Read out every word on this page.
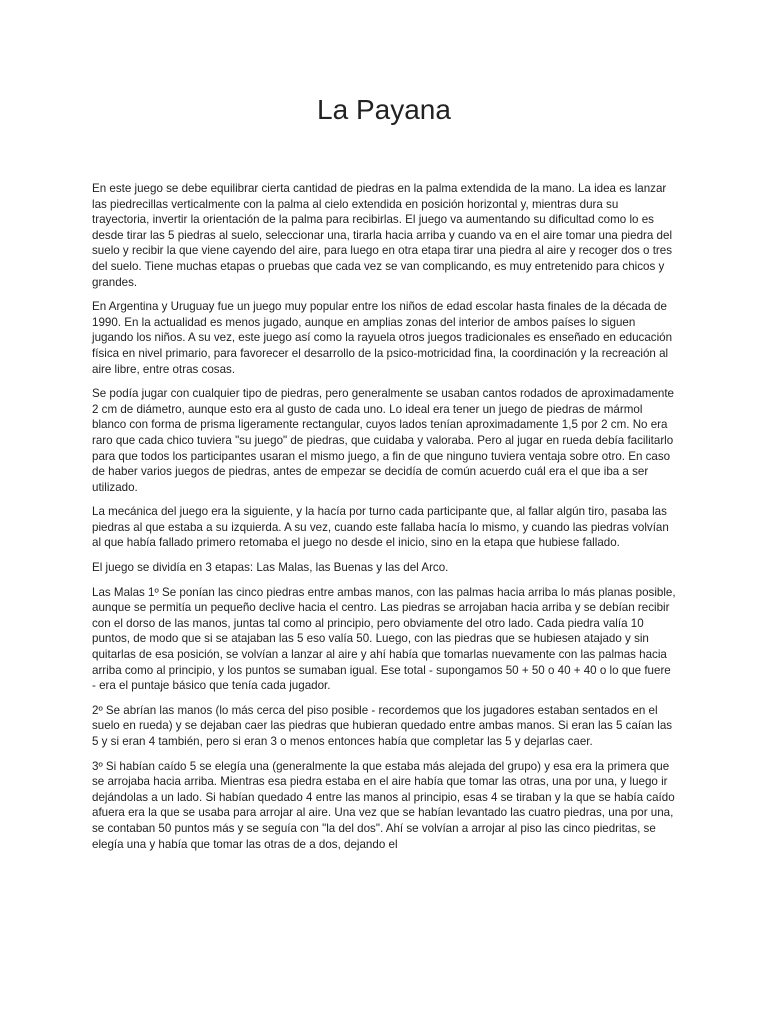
La Payana

En este juego se debe equilibrar cierta cantidad de piedras en la palma extendida de la mano. La idea es lanzar las piedrecillas verticalmente con la palma al cielo extendida en posición horizontal y, mientras dura su trayectoria, invertir la orientación de la palma para recibirlas. El juego va aumentando su dificultad como lo es desde tirar las 5 piedras al suelo, seleccionar una, tirarla hacia arriba y cuando va en el aire tomar una piedra del suelo y recibir la que viene cayendo del aire, para luego en otra etapa tirar una piedra al aire y recoger dos o tres del suelo. Tiene muchas etapas o pruebas que cada vez se van complicando, es muy entretenido para chicos y grandes.

En Argentina y Uruguay fue un juego muy popular entre los niños de edad escolar hasta finales de la década de 1990. En la actualidad es menos jugado, aunque en amplias zonas del interior de ambos países lo siguen jugando los niños. A su vez, este juego así como la rayuela otros juegos tradicionales es enseñado en educación física en nivel primario, para favorecer el desarrollo de la psico-motricidad fina, la coordinación y la recreación al aire libre, entre otras cosas.

Se podía jugar con cualquier tipo de piedras, pero generalmente se usaban cantos rodados de aproximadamente 2 cm de diámetro, aunque esto era al gusto de cada uno. Lo ideal era tener un juego de piedras de mármol blanco con forma de prisma ligeramente rectangular, cuyos lados tenían aproximadamente 1,5 por 2 cm. No era raro que cada chico tuviera "su juego" de piedras, que cuidaba y valoraba. Pero al jugar en rueda debía facilitarlo para que todos los participantes usaran el mismo juego, a fin de que ninguno tuviera ventaja sobre otro. En caso de haber varios juegos de piedras, antes de empezar se decidía de común acuerdo cuál era el que iba a ser utilizado.

La mecánica del juego era la siguiente, y la hacía por turno cada participante que, al fallar algún tiro, pasaba las piedras al que estaba a su izquierda. A su vez, cuando este fallaba hacía lo mismo, y cuando las piedras volvían al que había fallado primero retomaba el juego no desde el inicio, sino en la etapa que hubiese fallado.

El juego se dividía en 3 etapas: Las Malas, las Buenas y las del Arco.

Las Malas 1º Se ponían las cinco piedras entre ambas manos, con las palmas hacia arriba lo más planas posible, aunque se permitía un pequeño declive hacia el centro. Las piedras se arrojaban hacia arriba y se debían recibir con el dorso de las manos, juntas tal como al principio, pero obviamente del otro lado. Cada piedra valía 10 puntos, de modo que si se atajaban las 5 eso valía 50. Luego, con las piedras que se hubiesen atajado y sin quitarlas de esa posición, se volvían a lanzar al aire y ahí había que tomarlas nuevamente con las palmas hacia arriba como al principio, y los puntos se sumaban igual. Ese total - supongamos 50 + 50 o 40 + 40 o lo que fuere - era el puntaje básico que tenía cada jugador.

2º Se abrían las manos (lo más cerca del piso posible - recordemos que los jugadores estaban sentados en el suelo en rueda) y se dejaban caer las piedras que hubieran quedado entre ambas manos. Si eran las 5 caían las 5 y si eran 4 también, pero si eran 3 o menos entonces había que completar las 5 y dejarlas caer.

3º Si habían caído 5 se elegía una (generalmente la que estaba más alejada del grupo) y esa era la primera que se arrojaba hacia arriba. Mientras esa piedra estaba en el aire había que tomar las otras, una por una, y luego ir dejándolas a un lado. Si habían quedado 4 entre las manos al principio, esas 4 se tiraban y la que se había caído afuera era la que se usaba para arrojar al aire. Una vez que se habían levantado las cuatro piedras, una por una, se contaban 50 puntos más y se seguía con "la del dos". Ahí se volvían a arrojar al piso las cinco piedritas, se elegía una y había que tomar las otras de a dos, dejando el
